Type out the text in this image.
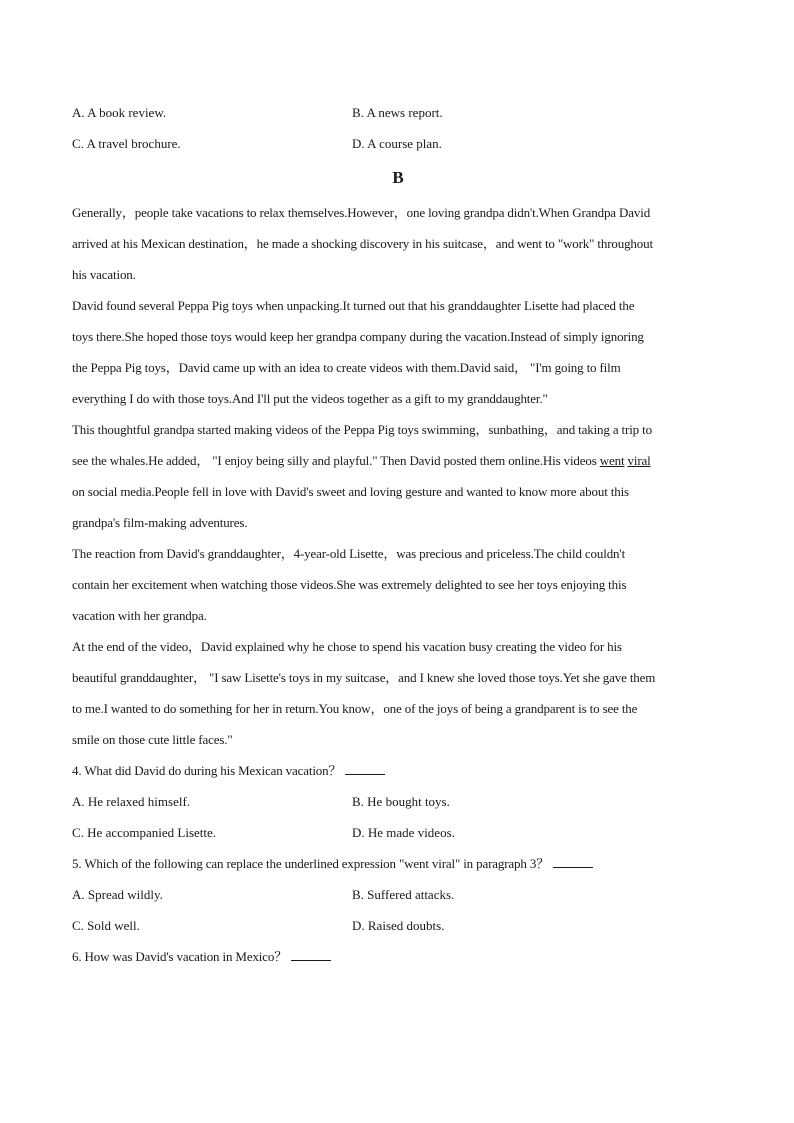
A. A book review.	B. A news report.
C. A travel brochure.	D. A course plan.
B
Generally，people take vacations to relax themselves.However，one loving grandpa didn't.When Grandpa David
arrived at his Mexican destination，he made a shocking discovery in his suitcase，and went to "work" throughout
his vacation.
David found several Peppa Pig toys when unpacking.It turned out that his granddaughter Lisette had placed the
toys there.She hoped those toys would keep her grandpa company during the vacation.Instead of simply ignoring
the Peppa Pig toys，David came up with an idea to create videos with them.David said， "I'm going to film
everything I do with those toys.And I'll put the videos together as a gift to my granddaughter."
This thoughtful grandpa started making videos of the Peppa Pig toys swimming，sunbathing，and taking a trip to
see the whales.He added， "I enjoy being silly and playful." Then David posted them online.His videos went viral
on social media.People fell in love with David's sweet and loving gesture and wanted to know more about this
grandpa's film-making adventures.
The reaction from David's granddaughter，4-year-old Lisette，was precious and priceless.The child couldn't
contain her excitement when watching those videos.She was extremely delighted to see her toys enjoying this
vacation with her grandpa.
At the end of the video，David explained why he chose to spend his vacation busy creating the video for his
beautiful granddaughter， "I saw Lisette's toys in my suitcase，and I knew she loved those toys.Yet she gave them
to me.I wanted to do something for her in return.You know，one of the joys of being a grandparent is to see the
smile on those cute little faces."
4. What did David do during his Mexican vacation？
A. He relaxed himself.	B. He bought toys.
C. He accompanied Lisette.	D. He made videos.
5. Which of the following can replace the underlined expression "went viral" in paragraph 3？
A. Spread wildly.	B. Suffered attacks.
C. Sold well.	D. Raised doubts.
6. How was David's vacation in Mexico？
